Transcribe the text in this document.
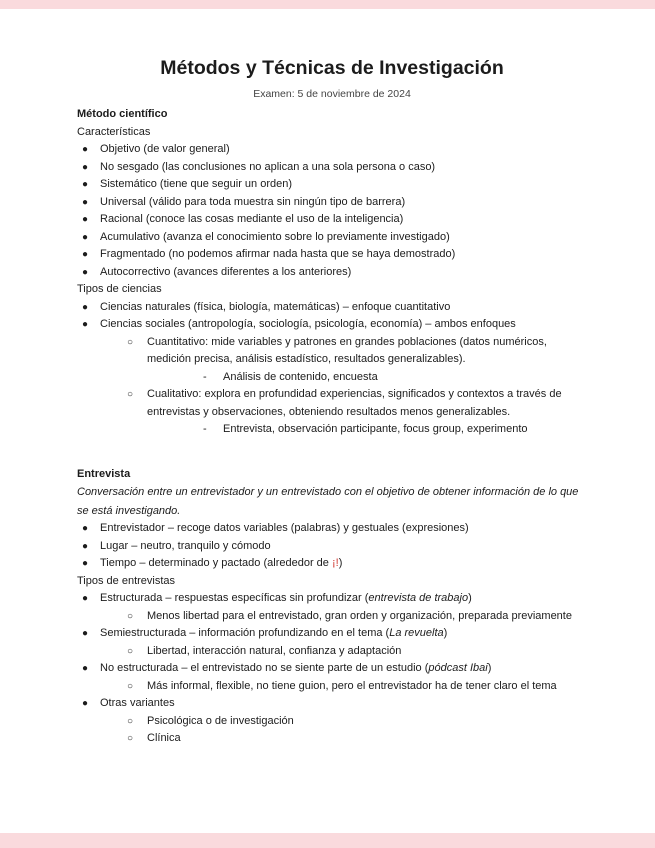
Métodos y Técnicas de Investigación
Examen: 5 de noviembre de 2024
Método científico
Características
● Objetivo (de valor general)
● No sesgado (las conclusiones no aplican a una sola persona o caso)
● Sistemático (tiene que seguir un orden)
● Universal (válido para toda muestra sin ningún tipo de barrera)
● Racional (conoce las cosas mediante el uso de la inteligencia)
● Acumulativo (avanza el conocimiento sobre lo previamente investigado)
● Fragmentado (no podemos afirmar nada hasta que se haya demostrado)
● Autocorrectivo (avances diferentes a los anteriores)
Tipos de ciencias
● Ciencias naturales (física, biología, matemáticas) – enfoque cuantitativo
● Ciencias sociales (antropología, sociología, psicología, economía) – ambos enfoques
○ Cuantitativo: mide variables y patrones en grandes poblaciones (datos numéricos, medición precisa, análisis estadístico, resultados generalizables).
- Análisis de contenido, encuesta
○ Cualitativo: explora en profundidad experiencias, significados y contextos a través de entrevistas y observaciones, obteniendo resultados menos generalizables.
- Entrevista, observación participante, focus group, experimento
Entrevista
Conversación entre un entrevistador y un entrevistado con el objetivo de obtener información de lo que se está investigando.
● Entrevistador – recoge datos variables (palabras) y gestuales (expresiones)
● Lugar – neutro, tranquilo y cómodo
● Tiempo – determinado y pactado (alrededor de ¡!)
Tipos de entrevistas
● Estructurada – respuestas específicas sin profundizar (entrevista de trabajo)
○ Menos libertad para el entrevistado, gran orden y organización, preparada previamente
● Semiestructurada – información profundizando en el tema (La revuelta)
○ Libertad, interacción natural, confianza y adaptación
● No estructurada – el entrevistado no se siente parte de un estudio (pódcast Ibai)
○ Más informal, flexible, no tiene guion, pero el entrevistador ha de tener claro el tema
● Otras variantes
○ Psicológica o de investigación
○ Clínica
